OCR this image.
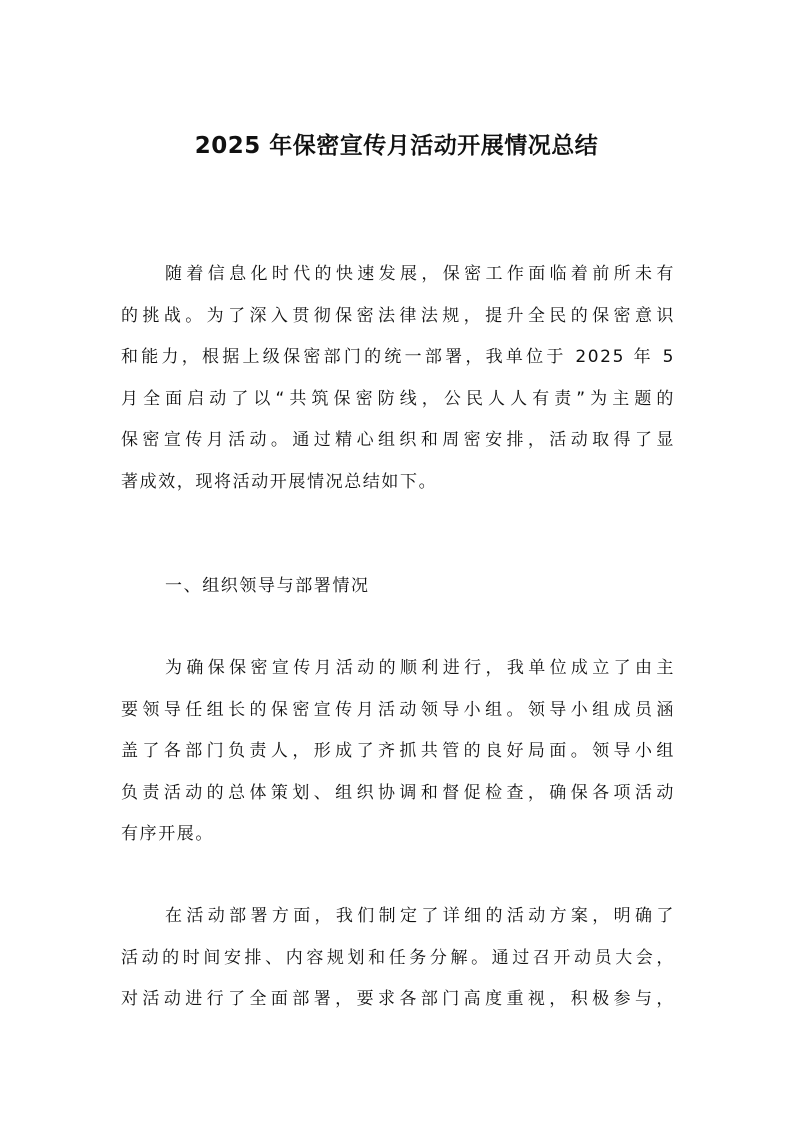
2025 年保密宣传月活动开展情况总结
随着信息化时代的快速发展，保密工作面临着前所未有
的挑战。为了深入贯彻保密法律法规，提升全民的保密意识
和能力，根据上级保密部门的统一部署，我单位于 2025 年 5
月全面启动了以“共筑保密防线，公民人人有责”为主题的
保密宣传月活动。通过精心组织和周密安排，活动取得了显
著成效，现将活动开展情况总结如下。
一、组织领导与部署情况
为确保保密宣传月活动的顺利进行，我单位成立了由主
要领导任组长的保密宣传月活动领导小组。领导小组成员涵
盖了各部门负责人，形成了齐抓共管的良好局面。领导小组
负责活动的总体策划、组织协调和督促检查，确保各项活动
有序开展。
在活动部署方面，我们制定了详细的活动方案，明确了
活动的时间安排、内容规划和任务分解。通过召开动员大会，
对活动进行了全面部署，要求各部门高度重视，积极参与，
